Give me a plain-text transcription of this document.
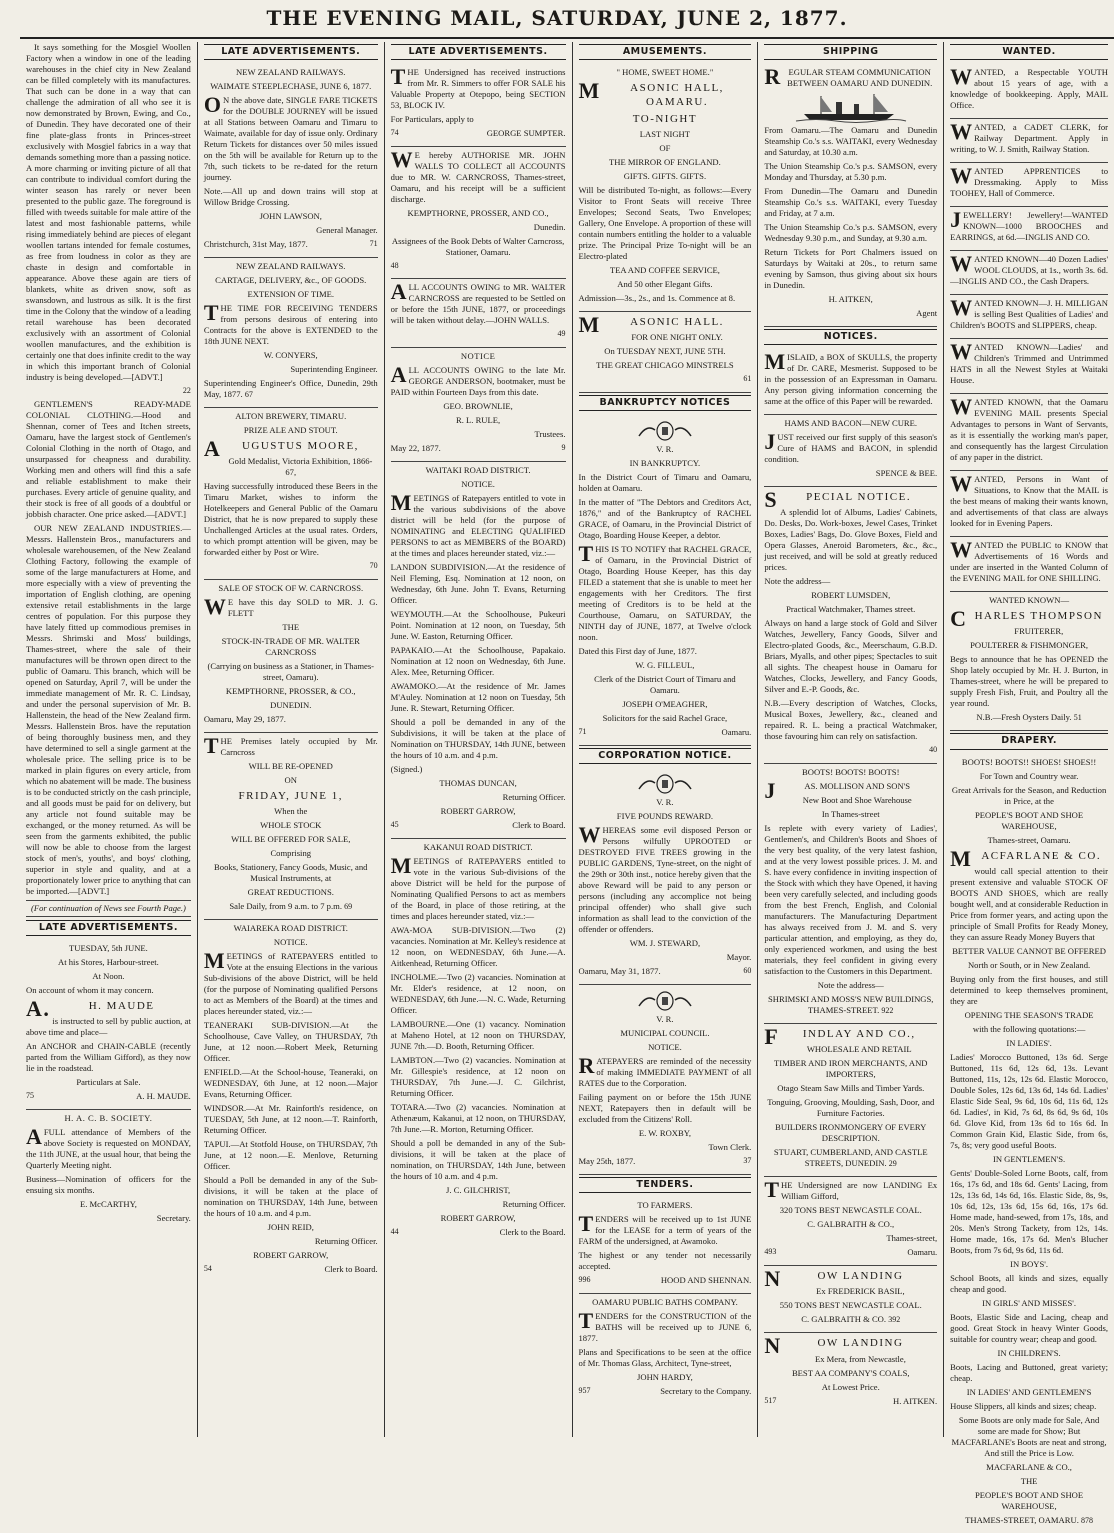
THE EVENING MAIL, SATURDAY, JUNE 2, 1877.

It says something for the Mosgiel Woollen Factory when a window in one of the leading warehouses in the chief city in New Zealand can be filled completely with its manufactures. That such can be done in a way that can challenge the admiration of all who see it is now demonstrated by Brown, Ewing, and Co., of Dunedin. They have decorated one of their fine plate-glass fronts in Princes-street exclusively with Mosgiel fabrics in a way that demands something more than a passing notice. A more charming or inviting picture of all that can contribute to individual comfort during the winter season has rarely or never been presented to the public gaze. The foreground is filled with tweeds suitable for male attire of the latest and most fashionable patterns, while rising immediately behind are pieces of elegant woollen tartans intended for female costumes, as free from loudness in color as they are chaste in design and comfortable in appearance. Above these again are tiers of blankets, white as driven snow, soft as swansdown, and lustrous as silk. It is the first time in the Colony that the window of a leading retail warehouse has been decorated exclusively with an assortment of Colonial woollen manufactures, and the exhibition is certainly one that does infinite credit to the way in which this important branch of Colonial industry is being developed.—[ADVT.]

22

GENTLEMEN'S READY-MADE COLONIAL CLOTHING.—Hood and Shennan, corner of Tees and Itchen streets, Oamaru, have the largest stock of Gentlemen's Colonial Clothing in the north of Otago, and unsurpassed for cheapness and durability. Working men and others will find this a safe and reliable establishment to make their purchases. Every article of genuine quality, and their stock is free of all goods of a doubtful or jobbish character. One price asked.—[ADVT.]

OUR NEW ZEALAND INDUSTRIES.—Messrs. Hallenstein Bros., manufacturers and wholesale warehousemen, of the New Zealand Clothing Factory, following the example of some of the large manufacturers at Home, and more especially with a view of preventing the importation of English clothing, are opening extensive retail establishments in the large centres of population. For this purpose they have lately fitted up commodious premises in Messrs. Shrimski and Moss' buildings, Thames-street, where the sale of their manufactures will be thrown open direct to the public of Oamaru. This branch, which will be opened on Saturday, April 7, will be under the immediate management of Mr. R. C. Lindsay, and under the personal supervision of Mr. B. Hallenstein, the head of the New Zealand firm. Messrs. Hallenstein Bros. have the reputation of being thoroughly business men, and they have determined to sell a single garment at the wholesale price. The selling price is to be marked in plain figures on every article, from which no abatement will be made. The business is to be conducted strictly on the cash principle, and all goods must be paid for on delivery, but any article not found suitable may be exchanged, or the money returned. As will be seen from the garments exhibited, the public will now be able to choose from the largest stock of men's, youths', and boys' clothing, superior in style and quality, and at a proportionately lower price to anything that can be imported.—[ADVT.]

(For continuation of News see Fourth Page.)
LATE ADVERTISEMENTS.

TUESDAY, 5th JUNE.

At his Stores, Harbour-street.

At Noon.

On account of whom it may concern.

A.H. MAUDE

is instructed to sell by public auction, at above time and place—

An ANCHOR and CHAIN-CABLE (recently parted from the William Gifford), as they now lie in the roadstead.

Particulars at Sale.

75	A. H. MAUDE.

H. A. C. B. SOCIETY.

AFULL attendance of Members of the above Society is requested on MONDAY, the 11th JUNE, at the usual hour, that being the Quarterly Meeting night.

Business—Nomination of officers for the ensuing six months.

E. McCARTHY,

Secretary.

LATE ADVERTISEMENTS.

NEW ZEALAND RAILWAYS.

WAIMATE STEEPLECHASE, JUNE 6, 1877.

ON the above date, SINGLE FARE TICKETS for the DOUBLE JOURNEY will be issued at all Stations between Oamaru and Timaru to Waimate, available for day of issue only. Ordinary Return Tickets for distances over 50 miles issued on the 5th will be available for Return up to the 7th, such tickets to be re-dated for the return journey.

Note.—All up and down trains will stop at Willow Bridge Crossing.

JOHN LAWSON,

General Manager.

Christchurch, 31st May, 1877.	71

NEW ZEALAND RAILWAYS.

CARTAGE, DELIVERY, &c., OF GOODS.

EXTENSION OF TIME.

THE TIME FOR RECEIVING TENDERS from persons desirous of entering into Contracts for the above is EXTENDED to the 18th JUNE NEXT.

W. CONYERS,

Superintending Engineer.

Superintending Engineer's Office, Dunedin, 29th May, 1877. 67

ALTON BREWERY, TIMARU.

PRIZE ALE AND STOUT.

AUGUSTUS MOORE,

Gold Medalist, Victoria Exhibition, 1866-67,

Having successfully introduced these Beers in the Timaru Market, wishes to inform the Hotelkeepers and General Public of the Oamaru District, that he is now prepared to supply these Unchallenged Articles at the usual rates. Orders, to which prompt attention will be given, may be forwarded either by Post or Wire.

70

SALE OF STOCK OF W. CARNCROSS.

WE have this day SOLD to MR. J. G. FLETT

THE

STOCK-IN-TRADE OF MR. WALTER CARNCROSS

(Carrying on business as a Stationer, in Thames-street, Oamaru).

KEMPTHORNE, PROSSER, & CO.,

DUNEDIN.

Oamaru, May 29, 1877.

THE Premises lately occupied by Mr. Carncross

WILL BE RE-OPENED

ON

FRIDAY, JUNE 1,

When the

WHOLE STOCK

WILL BE OFFERED FOR SALE,

Comprising

Books, Stationery, Fancy Goods, Music, and Musical Instruments, at

GREAT REDUCTIONS.

Sale Daily, from 9 a.m. to 7 p.m. 69

WAIAREKA ROAD DISTRICT.

NOTICE.

MEETINGS of RATEPAYERS entitled to Vote at the ensuing Elections in the various Sub-divisions of the above District, will be held (for the purpose of Nominating qualified Persons to act as Members of the Board) at the times and places hereunder stated, viz.:—

TEANERAKI SUB-DIVISION.—At the Schoolhouse, Cave Valley, on THURSDAY, 7th June, at 12 noon.—Robert Meek, Returning Officer.

ENFIELD.—At the School-house, Teaneraki, on WEDNESDAY, 6th June, at 12 noon.—Major Evans, Returning Officer.

WINDSOR.—At Mr. Rainforth's residence, on TUESDAY, 5th June, at 12 noon.—T. Rainforth, Returning Officer.

TAPUI.—At Stotfold House, on THURSDAY, 7th June, at 12 noon.—E. Menlove, Returning Officer.

Should a Poll be demanded in any of the Sub-divisions, it will be taken at the place of nomination on THURSDAY, 14th June, between the hours of 10 a.m. and 4 p.m.

JOHN REID,

Returning Officer.

ROBERT GARROW,

54	Clerk to Board.

LATE ADVERTISEMENTS.

THE Undersigned has received instructions from Mr. R. Simmers to offer FOR SALE his Valuable Property at Otepopo, being SECTION 53, BLOCK IV.

For Particulars, apply to

74	GEORGE SUMPTER.

WE hereby AUTHORISE MR. JOHN WALLS TO COLLECT all ACCOUNTS due to MR. W. CARNCROSS, Thames-street, Oamaru, and his receipt will be a sufficient discharge.

KEMPTHORNE, PROSSER, AND CO.,

Dunedin.

Assignees of the Book Debts of Walter Carncross, Stationer, Oamaru.

48

ALL ACCOUNTS OWING to MR. WALTER CARNCROSS are requested to be Settled on or before the 15th JUNE, 1877, or proceedings will be taken without delay.—JOHN WALLS.

49

NOTICE

ALL ACCOUNTS OWING to the late Mr. GEORGE ANDERSON, bootmaker, must be PAID within Fourteen Days from this date.

GEO. BROWNLIE,

R. L. RULE,

Trustees.

May 22, 1877.	9

WAITAKI ROAD DISTRICT.

NOTICE.

MEETINGS of Ratepayers entitled to vote in the various subdivisions of the above district will be held (for the purpose of NOMINATING and ELECTING QUALIFIED PERSONS to act as MEMBERS of the BOARD) at the times and places hereunder stated, viz.:—

LANDON SUBDIVISION.—At the residence of Neil Fleming, Esq. Nomination at 12 noon, on Wednesday, 6th June. John T. Evans, Returning Officer.

WEYMOUTH.—At the Schoolhouse, Pukeuri Point. Nomination at 12 noon, on Tuesday, 5th June. W. Easton, Returning Officer.

PAPAKAIO.—At the Schoolhouse, Papakaio. Nomination at 12 noon on Wednesday, 6th June. Alex. Mee, Returning Officer.

AWAMOKO.—At the residence of Mr. James M'Auley. Nomination at 12 noon on Tuesday, 5th June. R. Stewart, Returning Officer.

Should a poll be demanded in any of the Subdivisions, it will be taken at the place of Nomination on THURSDAY, 14th JUNE, between the hours of 10 a.m. and 4 p.m.

(Signed.)

THOMAS DUNCAN,

Returning Officer.

ROBERT GARROW,

45	Clerk to Board.

KAKANUI ROAD DISTRICT.

MEETINGS of RATEPAYERS entitled to vote in the various Sub-divisions of the above District will be held for the purpose of Nominating Qualified Persons to act as members of the Board, in place of those retiring, at the times and places hereunder stated, viz.:—

AWA-MOA SUB-DIVISION.—Two (2) vacancies. Nomination at Mr. Kelley's residence at 12 noon, on WEDNESDAY, 6th June.—A. Aitkenhead, Returning Officer.

INCHOLME.—Two (2) vacancies. Nomination at Mr. Elder's residence, at 12 noon, on WEDNESDAY, 6th June.—N. C. Wade, Returning Officer.

LAMBOURNE.—One (1) vacancy. Nomination at Maheno Hotel, at 12 noon on THURSDAY, JUNE 7th.—D. Booth, Returning Officer.

LAMBTON.—Two (2) vacancies. Nomination at Mr. Gillespie's residence, at 12 noon on THURSDAY, 7th June.—J. C. Gilchrist, Returning Officer.

TOTARA.—Two (2) vacancies. Nomination at Athenæum, Kakanui, at 12 noon, on THURSDAY, 7th June.—R. Morton, Returning Officer.

Should a poll be demanded in any of the Sub-divisions, it will be taken at the place of nomination, on THURSDAY, 14th June, between the hours of 10 a.m. and 4 p.m.

J. C. GILCHRIST,

Returning Officer.

ROBERT GARROW,

44	Clerk to the Board.

AMUSEMENTS.

" HOME, SWEET HOME."

MASONIC HALL, OAMARU.

TO-NIGHT

LAST NIGHT

OF

THE MIRROR OF ENGLAND.

GIFTS. GIFTS. GIFTS.

Will be distributed To-night, as follows:—Every Visitor to Front Seats will receive Three Envelopes; Second Seats, Two Envelopes; Gallery, One Envelope. A proportion of these will contain numbers entitling the holder to a valuable prize. The Principal Prize To-night will be an Electro-plated

TEA AND COFFEE SERVICE,

And 50 other Elegant Gifts.

Admission—3s., 2s., and 1s. Commence at 8.

MASONIC HALL.

FOR ONE NIGHT ONLY.

On TUESDAY NEXT, JUNE 5TH.

THE GREAT CHICAGO MINSTRELS

61

BANKRUPTCY NOTICES

V. R.

IN BANKRUPTCY.

In the District Court of Timaru and Oamaru, holden at Oamaru.

In the matter of "The Debtors and Creditors Act, 1876," and of the Bankruptcy of RACHEL GRACE, of Oamaru, in the Provincial District of Otago, Boarding House Keeper, a debtor.

THIS IS TO NOTIFY that RACHEL GRACE, of Oamaru, in the Provincial District of Otago, Boarding House Keeper, has this day FILED a statement that she is unable to meet her engagements with her Creditors. The first meeting of Creditors is to be held at the Courthouse, Oamaru, on SATURDAY, the NINTH day of JUNE, 1877, at Twelve o'clock noon.

Dated this First day of June, 1877.

W. G. FILLEUL,

Clerk of the District Court of Timaru and Oamaru.

JOSEPH O'MEAGHER,

Solicitors for the said Rachel Grace,

71	Oamaru.

CORPORATION NOTICE.

V. R.

FIVE POUNDS REWARD.

WHEREAS some evil disposed Person or Persons wilfully UPROOTED or DESTROYED FIVE TREES growing in the PUBLIC GARDENS, Tyne-street, on the night of the 29th or 30th inst., notice hereby given that the above Reward will be paid to any person or persons (including any accomplice not being principal offender) who shall give such information as shall lead to the conviction of the offender or offenders.

WM. J. STEWARD,

Mayor.

Oamaru, May 31, 1877.	60

V. R.

MUNICIPAL COUNCIL.

NOTICE.

RATEPAYERS are reminded of the necessity of making IMMEDIATE PAYMENT of all RATES due to the Corporation.

Failing payment on or before the 15th JUNE NEXT, Ratepayers then in default will be excluded from the Citizens' Roll.

E. W. ROXBY,

Town Clerk.

May 25th, 1877.	37

TENDERS.

TO FARMERS.

TENDERS will be received up to 1st JUNE for the LEASE for a term of years of the FARM of the undersigned, at Awamoko.

The highest or any tender not necessarily accepted.

996	HOOD AND SHENNAN.

OAMARU PUBLIC BATHS COMPANY.

TENDERS for the CONSTRUCTION of the BATHS will be received up to JUNE 6, 1877.

Plans and Specifications to be seen at the office of Mr. Thomas Glass, Architect, Tyne-street,

JOHN HARDY,

957	Secretary to the Company.

SHIPPING

REGULAR STEAM COMMUNICATION BETWEEN OAMARU AND DUNEDIN.

From Oamaru.—The Oamaru and Dunedin Steamship Co.'s s.s. WAITAKI, every Wednesday and Saturday, at 10.30 a.m.

The Union Steamship Co.'s p.s. SAMSON, every Monday and Thursday, at 5.30 p.m.

From Dunedin—The Oamaru and Dunedin Steamship Co.'s s.s. WAITAKI, every Tuesday and Friday, at 7 a.m.

The Union Steamship Co.'s p.s. SAMSON, every Wednesday 9.30 p.m., and Sunday, at 9.30 a.m.

Return Tickets for Port Chalmers issued on Saturdays by Waitaki at 20s., to return same evening by Samson, thus giving about six hours in Dunedin.

H. AITKEN,

Agent

NOTICES.

MISLAID, a BOX of SKULLS, the property of Dr. CARE, Mesmerist. Supposed to be in the possession of an Expressman in Oamaru. Any person giving information concerning the same at the office of this Paper will be rewarded.

HAMS AND BACON—NEW CURE.

JUST received our first supply of this season's Cure of HAMS and BACON, in splendid condition.

SPENCE & BEE.

SPECIAL NOTICE.

A splendid lot of Albums, Ladies' Cabinets, Do. Desks, Do. Work-boxes, Jewel Cases, Trinket Boxes, Ladies' Bags, Do. Glove Boxes, Field and Opera Glasses, Aneroid Barometers, &c., &c., just received, and will be sold at greatly reduced prices.

Note the address—

ROBERT LUMSDEN,

Practical Watchmaker, Thames street.

Always on hand a large stock of Gold and Silver Watches, Jewellery, Fancy Goods, Silver and Electro-plated Goods, &c., Meerschaum, G.B.D. Briars, Myalls, and other pipes; Spectacles to suit all sights. The cheapest house in Oamaru for Watches, Clocks, Jewellery, and Fancy Goods, Silver and E.-P. Goods, &c.

N.B.—Every description of Watches, Clocks, Musical Boxes, Jewellery, &c., cleaned and repaired. R. L. being a practical Watchmaker, those favouring him can rely on satisfaction.

40

BOOTS! BOOTS! BOOTS!

JAS. MOLLISON AND SON'S

New Boot and Shoe Warehouse

In Thames-street

Is replete with every variety of Ladies', Gentlemen's, and Children's Boots and Shoes of the very best quality, of the very latest fashion, and at the very lowest possible prices. J. M. and S. have every confidence in inviting inspection of the Stock with which they have Opened, it having been very carefully selected, and including goods from the best French, English, and Colonial manufacturers. The Manufacturing Department has always received from J. M. and S. very particular attention, and employing, as they do, only experienced workmen, and using the best materials, they feel confident in giving every satisfaction to the Customers in this Department.

Note the address—

SHRIMSKI AND MOSS'S NEW BUILDINGS, THAMES-STREET. 922

FINDLAY AND CO.,

WHOLESALE AND RETAIL

TIMBER AND IRON MERCHANTS, AND IMPORTERS,

Otago Steam Saw Mills and Timber Yards.

Tonguing, Grooving, Moulding, Sash, Door, and Furniture Factories.

BUILDERS IRONMONGERY OF EVERY DESCRIPTION.

STUART, CUMBERLAND, AND CASTLE STREETS, DUNEDIN. 29

THE Undersigned are now LANDING Ex William Gifford,

320 TONS BEST NEWCASTLE COAL.

C. GALBRAITH & CO.,

Thames-street,

493	Oamaru.

NOW LANDING

Ex FREDERICK BASIL,

550 TONS BEST NEWCASTLE COAL.

C. GALBRAITH & CO. 392

NOW LANDING

Ex Mera, from Newcastle,

BEST AA COMPANY'S COALS,

At Lowest Price.

517	H. AITKEN.

WANTED.

WANTED, a Respectable YOUTH about 15 years of age, with a knowledge of bookkeeping. Apply, MAIL Office.

WANTED, a CADET CLERK, for Railway Department. Apply in writing, to W. J. Smith, Railway Station.

WANTED APPRENTICES to Dressmaking. Apply to Miss TOOHEY, Hall of Commerce.

JEWELLERY! Jewellery!—WANTED KNOWN—1000 BROOCHES and EARRINGS, at 6d.—INGLIS AND CO.

WANTED KNOWN—40 Dozen Ladies' WOOL CLOUDS, at 1s., worth 3s. 6d.—INGLIS AND CO., the Cash Drapers.

WANTED KNOWN—J. H. MILLIGAN is selling Best Qualities of Ladies' and Children's BOOTS and SLIPPERS, cheap.

WANTED KNOWN—Ladies' and Children's Trimmed and Untrimmed HATS in all the Newest Styles at Waitaki House.

WANTED KNOWN, that the Oamaru EVENING MAIL presents Special Advantages to persons in Want of Servants, as it is essentially the working man's paper, and consequently has the largest Circulation of any paper in the district.

WANTED, Persons in Want of Situations, to Know that the MAIL is the best means of making their wants known, and advertisements of that class are always looked for in Evening Papers.

WANTED the PUBLIC to KNOW that Advertisements of 16 Words and under are inserted in the Wanted Column of the EVENING MAIL for ONE SHILLING.

WANTED KNOWN—

CHARLES THOMPSON

FRUITERER,

POULTERER & FISHMONGER,

Begs to announce that he has OPENED the Shop lately occupied by Mr. H. J. Burton, in Thames-street, where he will be prepared to supply Fresh Fish, Fruit, and Poultry all the year round.

N.B.—Fresh Oysters Daily. 51

DRAPERY.

BOOTS! BOOTS!! SHOES! SHOES!!

For Town and Country wear.

Great Arrivals for the Season, and Reduction in Price, at the

PEOPLE'S BOOT AND SHOE WAREHOUSE,

Thames-street, Oamaru.

MACFARLANE & CO.

would call special attention to their present extensive and valuable STOCK OF BOOTS AND SHOES, which are really bought well, and at considerable Reduction in Price from former years, and acting upon the principle of Small Profits for Ready Money, they can assure Ready Money Buyers that

BETTER VALUE CANNOT BE OFFERED

North or South, or in New Zealand.

Buying only from the first houses, and still determined to keep themselves prominent, they are

OPENING THE SEASON'S TRADE

with the following quotations:—

IN LADIES'.

Ladies' Morocco Buttoned, 13s 6d. Serge Buttoned, 11s 6d, 12s 6d, 13s. Levant Buttoned, 11s, 12s, 12s 6d. Elastic Morocco, Double Soles, 12s 6d, 13s 6d, 14s 6d. Ladies' Elastic Side Seal, 9s 6d, 10s 6d, 11s 6d, 12s 6d. Ladies', in Kid, 7s 6d, 8s 6d, 9s 6d, 10s 6d. Glove Kid, from 13s 6d to 16s 6d. In Common Grain Kid, Elastic Side, from 6s, 7s, 8s; very good useful Boots.

IN GENTLEMEN'S.

Gents' Double-Soled Lorne Boots, calf, from 16s, 17s 6d, and 18s 6d. Gents' Lacing, from 12s, 13s 6d, 14s 6d, 16s. Elastic Side, 8s, 9s, 10s 6d, 12s, 13s 6d, 15s 6d, 16s, 17s 6d. Home made, hand-sewed, from 17s, 18s, and 20s. Men's Strong Tackety, from 12s, 14s. Home made, 16s, 17s 6d. Men's Blucher Boots, from 7s 6d, 9s 6d, 11s 6d.

IN BOYS'.

School Boots, all kinds and sizes, equally cheap and good.

IN GIRLS' AND MISSES'.

Boots, Elastic Side and Lacing, cheap and good. Great Stock in heavy Winter Goods, suitable for country wear; cheap and good.

IN CHILDREN'S.

Boots, Lacing and Buttoned, great variety; cheap.

IN LADIES' AND GENTLEMEN'S

House Slippers, all kinds and sizes; cheap.

Some Boots are only made for Sale, And some are made for Show; But MACFARLANE's Boots are neat and strong, And still the Price is Low.

MACFARLANE & CO.,

THE

PEOPLE'S BOOT AND SHOE WAREHOUSE,

THAMES-STREET, OAMARU. 878
